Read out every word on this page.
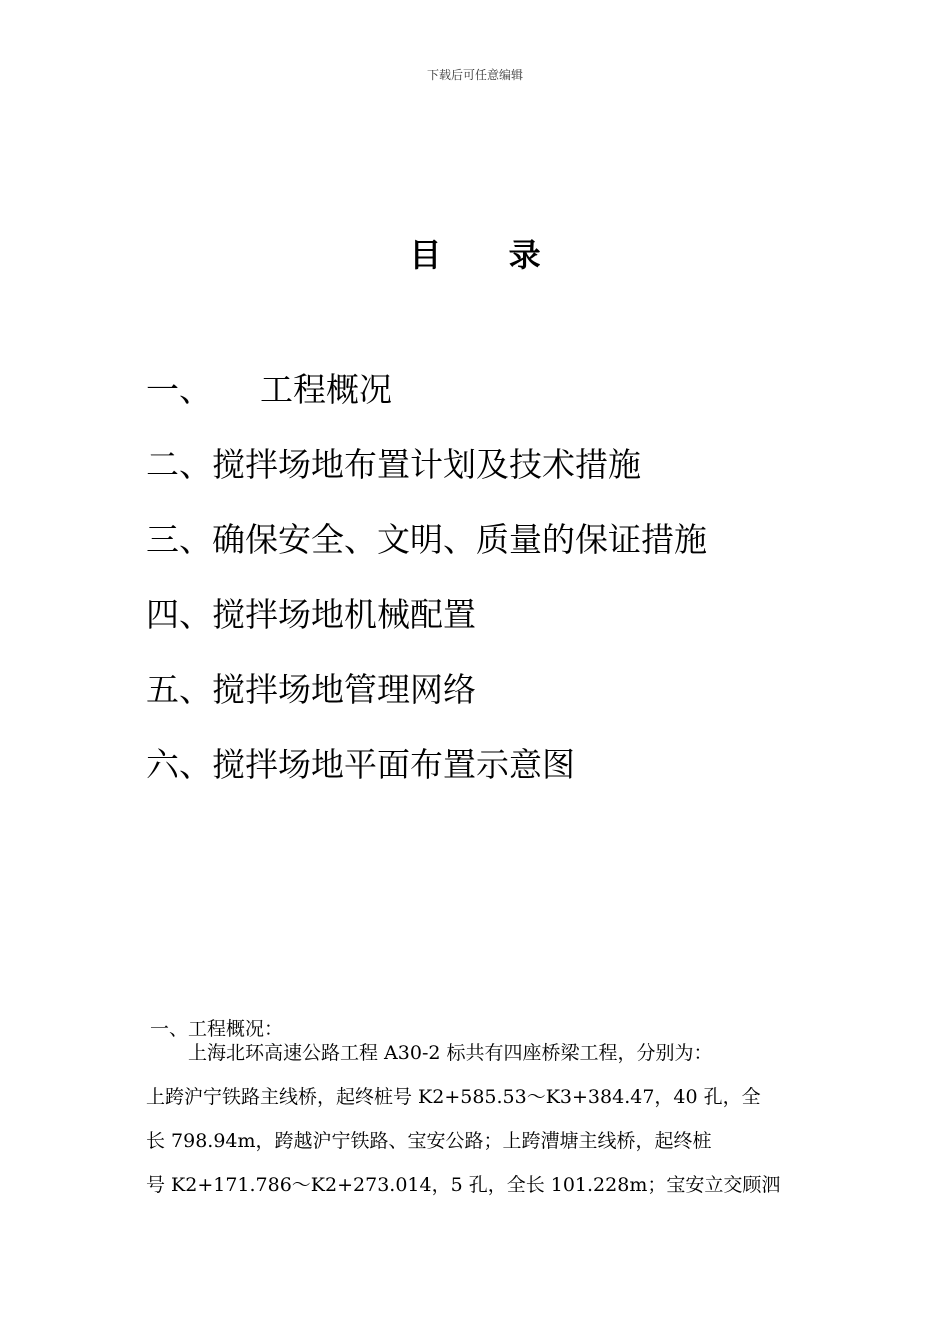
下载后可任意编辑
目 录
一、 工程概况
二、搅拌场地布置计划及技术措施
三、确保安全、文明、质量的保证措施
四、搅拌场地机械配置
五、搅拌场地管理网络
六、搅拌场地平面布置示意图
一、工程概况：
上海北环高速公路工程 A30-2 标共有四座桥梁工程，分别为：
上跨沪宁铁路主线桥，起终桩号 K2+585.53～K3+384.47，40 孔，全
长 798.94m，跨越沪宁铁路、宝安公路；上跨漕塘主线桥，起终桩
号 K2+171.786～K2+273.014，5 孔，全长 101.228m；宝安立交顾泗
